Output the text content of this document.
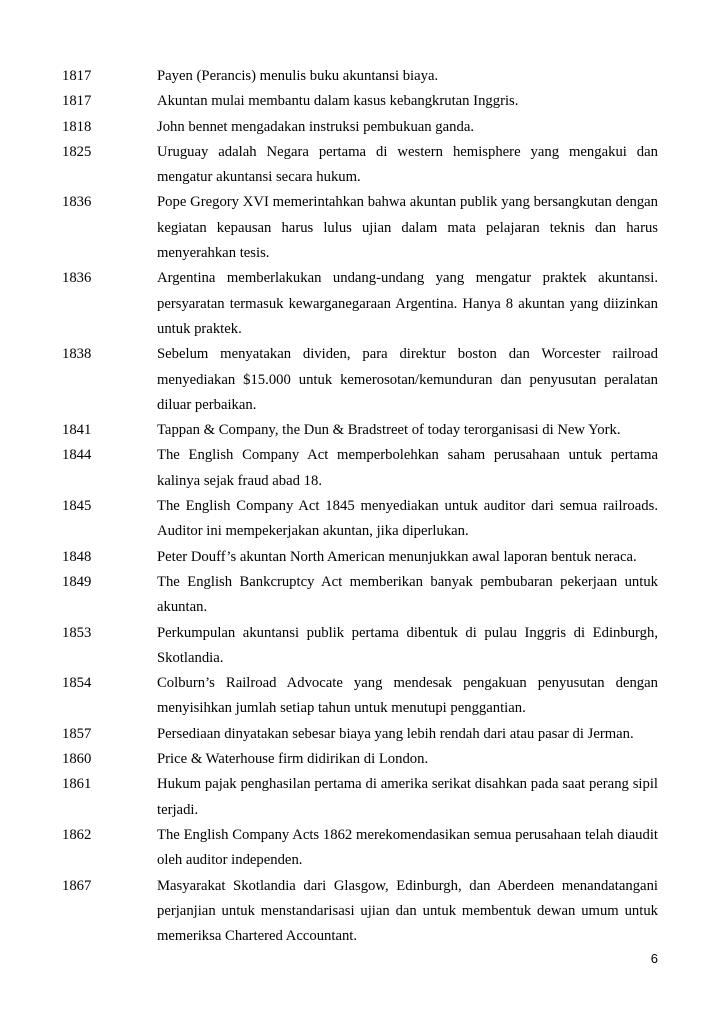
1817	Payen (Perancis) menulis buku akuntansi biaya.
1817	Akuntan mulai membantu dalam kasus kebangkrutan Inggris.
1818	John bennet mengadakan instruksi pembukuan ganda.
1825	Uruguay adalah Negara pertama di western hemisphere yang mengakui dan
mengatur akuntansi secara hukum.
1836	Pope Gregory XVI memerintahkan bahwa akuntan publik yang bersangkutan dengan
kegiatan kepausan harus lulus ujian dalam mata pelajaran teknis dan harus
menyerahkan tesis.
1836	Argentina memberlakukan undang-undang yang mengatur praktek akuntansi.
persyaratan termasuk kewarganegaraan Argentina. Hanya 8 akuntan yang diizinkan
untuk praktek.
1838	Sebelum menyatakan dividen, para direktur boston dan Worcester railroad
menyediakan $15.000 untuk kemerosotan/kemunduran dan penyusutan peralatan
diluar perbaikan.
1841	Tappan & Company, the Dun & Bradstreet of today terorganisasi di New York.
1844	The English Company Act memperbolehkan saham perusahaan untuk pertama
kalinya sejak fraud abad 18.
1845	The English Company Act 1845 menyediakan untuk auditor dari semua railroads.
Auditor ini mempekerjakan akuntan, jika diperlukan.
1848	Peter Douff’s akuntan North American menunjukkan awal laporan bentuk neraca.
1849	The English Bankcruptcy Act memberikan banyak pembubaran pekerjaan untuk
akuntan.
1853	Perkumpulan akuntansi publik pertama dibentuk di pulau Inggris di Edinburgh,
Skotlandia.
1854	Colburn’s Railroad Advocate yang mendesak pengakuan penyusutan dengan
menyisihkan jumlah setiap tahun untuk menutupi penggantian.
1857	Persediaan dinyatakan sebesar biaya yang lebih rendah dari atau pasar di Jerman.
1860	Price & Waterhouse firm didirikan di London.
1861	Hukum pajak penghasilan pertama di amerika serikat disahkan pada saat perang sipil
terjadi.
1862	The English Company Acts 1862 merekomendasikan semua perusahaan telah diaudit
oleh auditor independen.
1867	Masyarakat Skotlandia dari Glasgow, Edinburgh, dan Aberdeen menandatangani
perjanjian untuk menstandarisasi ujian dan untuk membentuk dewan umum untuk
memeriksa Chartered Accountant.
6
